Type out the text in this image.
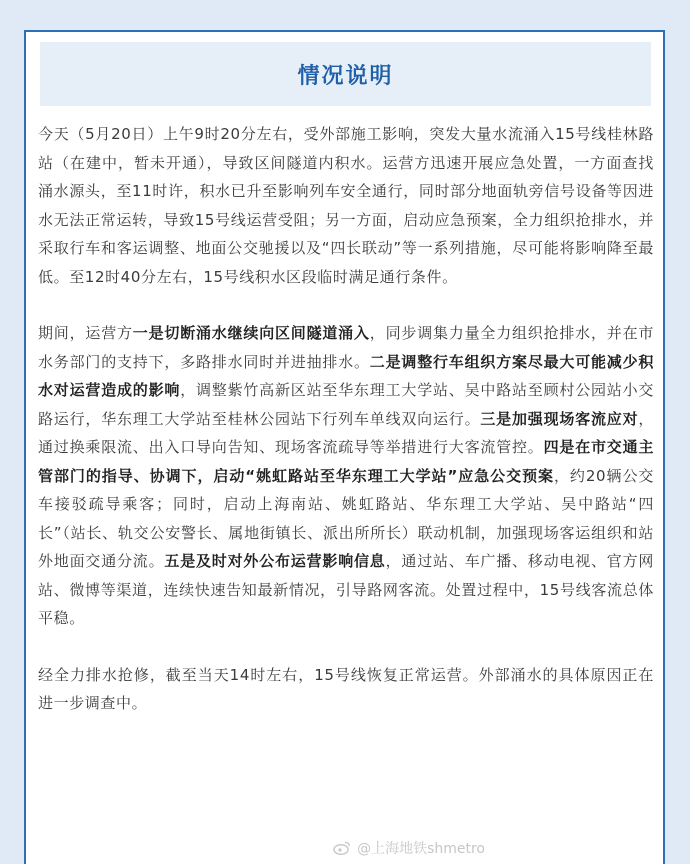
情况说明

今天（5月20日）上午9时20分左右，受外部施工影响，突发大量水流涌入15号线桂林路站（在建中，暂未开通），导致区间隧道内积水。运营方迅速开展应急处置，一方面查找涌水源头，至11时许，积水已升至影响列车安全通行，同时部分地面轨旁信号设备等因进水无法正常运转，导致15号线运营受阻；另一方面，启动应急预案，全力组织抢排水，并采取行车和客运调整、地面公交驰援以及“四长联动”等一系列措施，尽可能将影响降至最低。至12时40分左右，15号线积水区段临时满足通行条件。

期间，运营方一是切断涌水继续向区间隧道涌入，同步调集力量全力组织抢排水，并在市水务部门的支持下，多路排水同时并进抽排水。二是调整行车组织方案尽最大可能减少积水对运营造成的影响，调整紫竹高新区站至华东理工大学站、吴中路站至顾村公园站小交路运行，华东理工大学站至桂林公园站下行列车单线双向运行。三是加强现场客流应对，通过换乘限流、出入口导向告知、现场客流疏导等举措进行大客流管控。四是在市交通主管部门的指导、协调下，启动“姚虹路站至华东理工大学站”应急公交预案，约20辆公交车接驳疏导乘客；同时，启动上海南站、姚虹路站、华东理工大学站、吴中路站“四长”（站长、轨交公安警长、属地街镇长、派出所所长）联动机制，加强现场客运组织和站外地面交通分流。五是及时对外公布运营影响信息，通过站、车广播、移动电视、官方网站、微博等渠道，连续快速告知最新情况，引导路网客流。处置过程中，15号线客流总体平稳。

经全力排水抢修，截至当天14时左右，15号线恢复正常运营。外部涌水的具体原因正在进一步调查中。

@上海地铁shmetro
